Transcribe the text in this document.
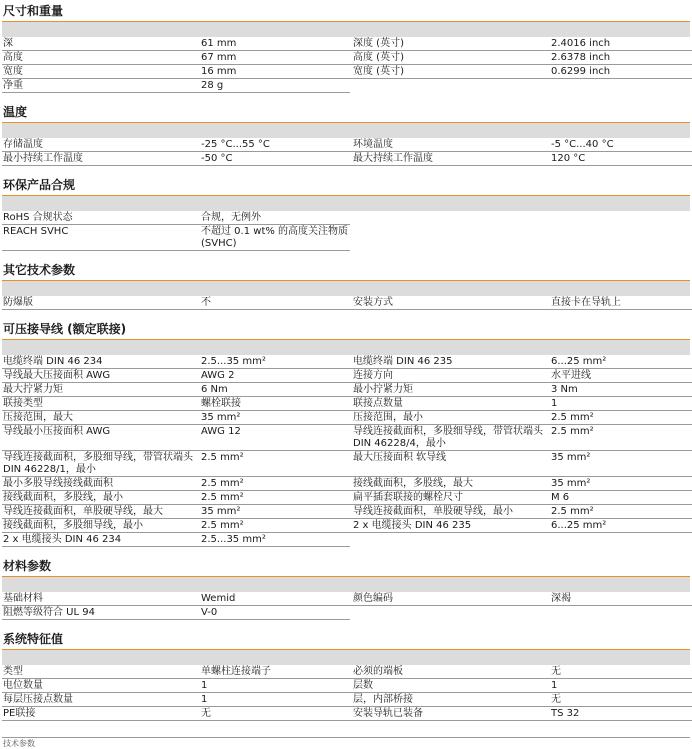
尺寸和重量
深	61 mm	深度 (英寸)	2.4016 inch
高度	67 mm	高度 (英寸)	2.6378 inch
宽度	16 mm	宽度 (英寸)	0.6299 inch
净重	28 g		
温度
存储温度	-25 °C...55 °C	环境温度	-5 °C...40 °C
最小持续工作温度	-50 °C	最大持续工作温度	120 °C
环保产品合规
RoHS 合规状态	合规，无例外		
REACH SVHC	不超过 0.1 wt% 的高度关注物质 (SVHC)		
其它技术参数
防爆版	不	安装方式	直接卡在导轨上
可压接导线 (额定联接)
电缆终端 DIN 46 234	2.5...35 mm²	电缆终端 DIN 46 235	6...25 mm²
导线最大压接面积 AWG	AWG 2	连接方向	水平进线
最大拧紧力矩	6 Nm	最小拧紧力矩	3 Nm
联接类型	螺栓联接	联接点数量	1
压接范围，最大	35 mm²	压接范围，最小	2.5 mm²
导线最小压接面积 AWG	AWG 12	导线连接截面积，多股细导线，带管状端头 DIN 46228/4，最小	2.5 mm²
导线连接截面积，多股细导线，带管状端头 DIN 46228/1，最小	2.5 mm²	最大压接面积 软导线	35 mm²
最小多股导线接线截面积	2.5 mm²	接线截面积，多股线，最大	35 mm²
接线截面积，多股线，最小	2.5 mm²	扁平插套联接的螺栓尺寸	M 6
导线连接截面积，单股硬导线，最大	35 mm²	导线连接截面积，单股硬导线，最小	2.5 mm²
接线截面积，多股细导线，最小	2.5 mm²	2 x 电缆接头 DIN 46 235	6...25 mm²
2 x 电缆接头 DIN 46 234	2.5...35 mm²		
材料参数
基础材料	Wemid	颜色编码	深褐
阻燃等级符合 UL 94	V-0		
系统特征值
类型	单螺柱连接端子	必须的端板	无
电位数量	1	层数	1
每层压接点数量	1	层，内部桥接	无
PE联接	无	安装导轨已装备	TS 32
技术参数
